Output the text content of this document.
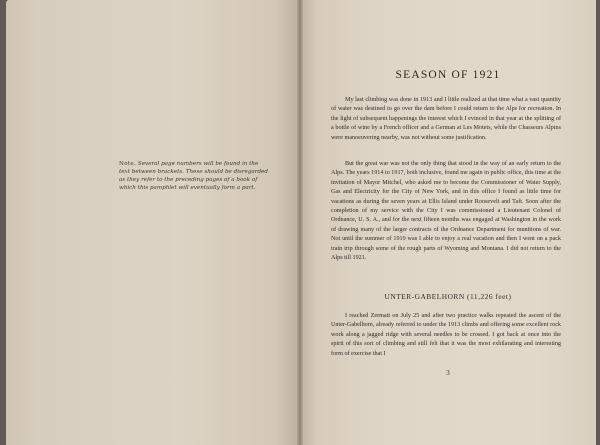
Note. Several page numbers will be found in the text between brackets. These should be disregarded as they refer to the preceding pages of a book of which this pamphlet will eventually form a part.
SEASON OF 1921

My last climbing was done in 1913 and I little realized at that time what a vast quantity of water was destined to go over the dam before I could return to the Alps for recreation. In the light of subsequent happenings the interest which I evinced in that year at the splitting of a bottle of wine by a French officer and a German at Les Motets, while the Chasseurs Alpins were manoeuvering nearby, was not without some justification.

But the great war was not the only thing that stood in the way of an early return to the Alps. The years 1914 to 1917, both inclusive, found me again in public office, this time at the invitation of Mayor Mitchel, who asked me to become the Commissioner of Water Supply, Gas and Electricity for the City of New York, and in this office I found as little time for vacations as during the seven years at Ellis Island under Roosevelt and Taft. Soon after the completion of my service with the City I was commissioned a Lieutenant Colonel of Ordnance, U. S. A., and for the next fifteen months was engaged at Washington in the work of drawing many of the larger contracts of the Ordnance Department for munitions of war. Not until the summer of 1919 was I able to enjoy a real vacation and then I went on a pack train trip through some of the rough parts of Wyoming and Montana. I did not return to the Alps till 1921.

UNTER-GABELHORN (11,226 feet)

I reached Zermatt on July 25 and after two practice walks repeated the ascent of the Unter-Gabelhorn, already referred to under the 1913 climbs and offering some excellent rock work along a jagged ridge with several needles to be crossed. I got back at once into the spirit of this sort of climbing and still felt that it was the most exhilarating and interesting form of exercise that I

3
